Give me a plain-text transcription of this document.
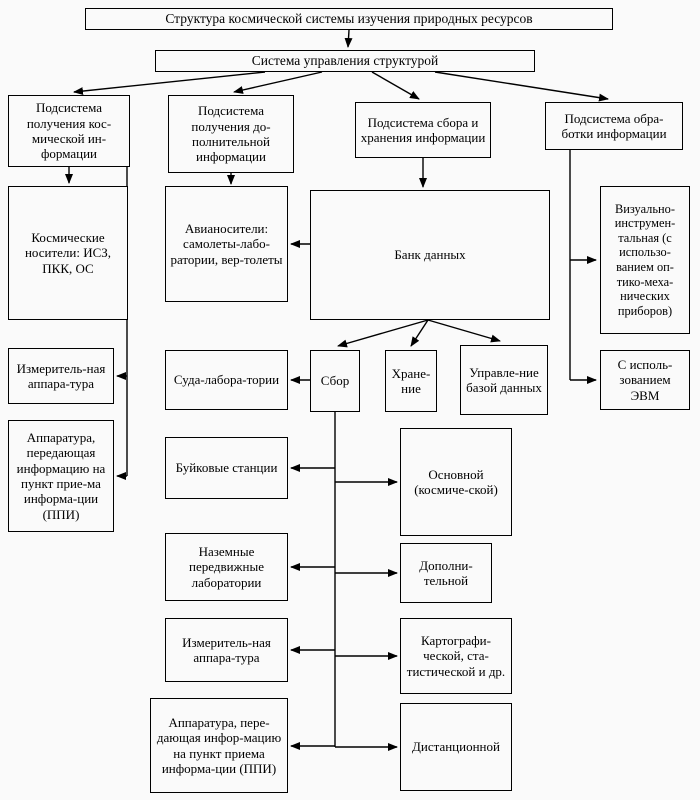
Структура космической системы изучения природных ресурсов
Система управления структурой
Подсистема получения кос-мической ин-формации
Подсистема получения до-полнительной информации
Подсистема сбора и хранения информации
Подсистема обра-ботки информации
Космические носители: ИСЗ, ПКК, ОС
Измеритель-ная аппара-тура
Аппаратура, передающая информацию на пункт прие-ма информа-ции (ППИ)
Авианосители: самолеты-лабо-ратории, вер-толеты
Суда-лабора-тории
Буйковые станции
Наземные передвижные лаборатории
Измеритель-ная аппара-тура
Аппаратура, пере-дающая инфор-мацию на пункт приема информа-ции (ППИ)
Банк данных
Сбор
Хране-ние
Управле-ние базой данных
Основной (космиче-ской)
Дополни-тельной
Картографи-ческой, ста-тистической и др.
Дистанционной
Визуально-инструмен-тальная (с использо-ванием оп-тико-меха-нических приборов)
С исполь-зованием ЭВМ
